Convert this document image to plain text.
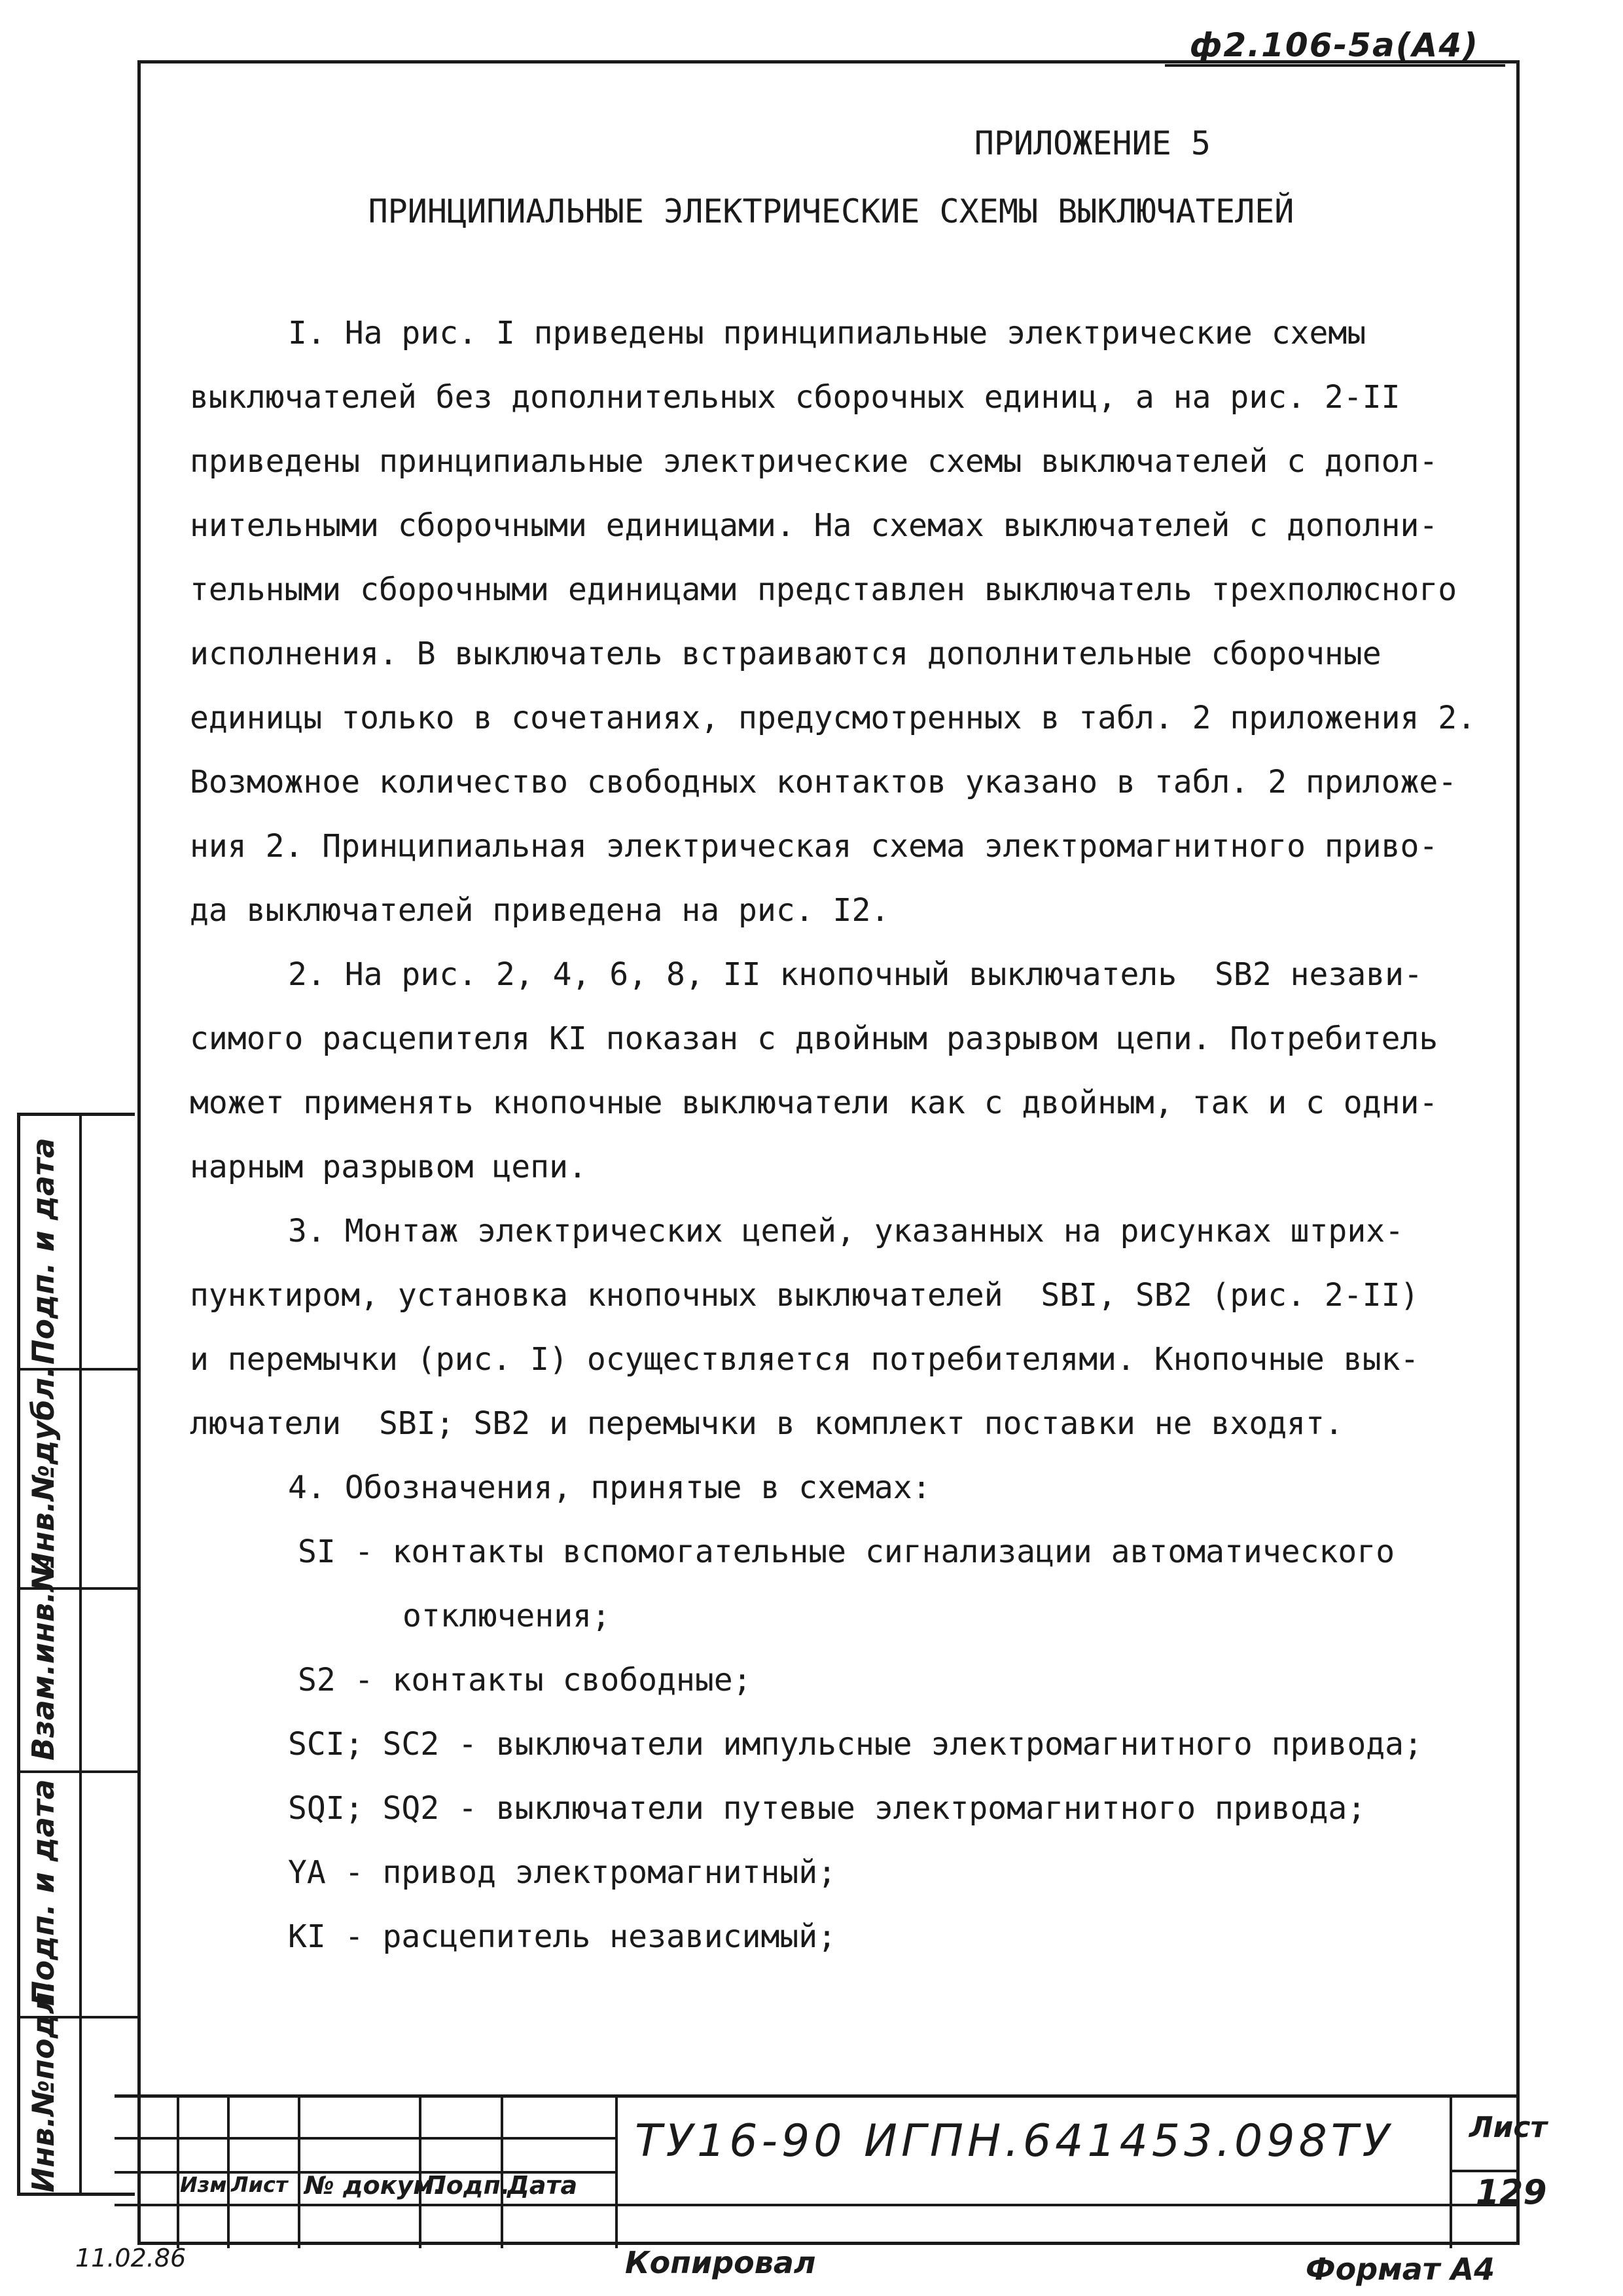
ф2.106-5а(А4)
ПРИЛОЖЕНИЕ 5
ПРИНЦИПИАЛЬНЫЕ ЭЛЕКТРИЧЕСКИЕ СХЕМЫ ВЫКЛЮЧАТЕЛЕЙ
I. На рис. I приведены принципиальные электрические схемы
выключателей без дополнительных сборочных единиц, а на рис. 2-II
приведены принципиальные электрические схемы выключателей с допол-
нительными сборочными единицами. На схемах выключателей с дополни-
тельными сборочными единицами представлен выключатель трехполюсного
исполнения. В выключатель встраиваются дополнительные сборочные
единицы только в сочетаниях, предусмотренных в табл. 2 приложения 2.
Возможное количество свободных контактов указано в табл. 2 приложе-
ния 2. Принципиальная электрическая схема электромагнитного приво-
да выключателей приведена на рис. I2.
2. На рис. 2, 4, 6, 8, II кнопочный выключатель  SB2 незави-
симого расцепителя KI показан с двойным разрывом цепи. Потребитель
может применять кнопочные выключатели как с двойным, так и с одни-
нарным разрывом цепи.
3. Монтаж электрических цепей, указанных на рисунках штрих-
пунктиром, установка кнопочных выключателей  SBI, SB2 (рис. 2-II)
и перемычки (рис. I) осуществляется потребителями. Кнопочные вык-
лючатели  SBI; SB2 и перемычки в комплект поставки не входят.
4. Обозначения, принятые в схемах:
SI - контакты вспомогательные сигнализации автоматического
отключения;
S2 - контакты свободные;
SCI; SC2 - выключатели импульсные электромагнитного привода;
SQI; SQ2 - выключатели путевые электромагнитного привода;
YA - привод электромагнитный;
KI - расцепитель независимый;
Подп. и дата
Инв.№дубл.
Взам.инв.№
Подп. и дата
Инв.№подл.	Изм Лист № докум.
Подп.
Дата
ТУ16-90 ИГПН.641453.098ТУ	Лист
129
11.02.86	Копировал	Формат А4
